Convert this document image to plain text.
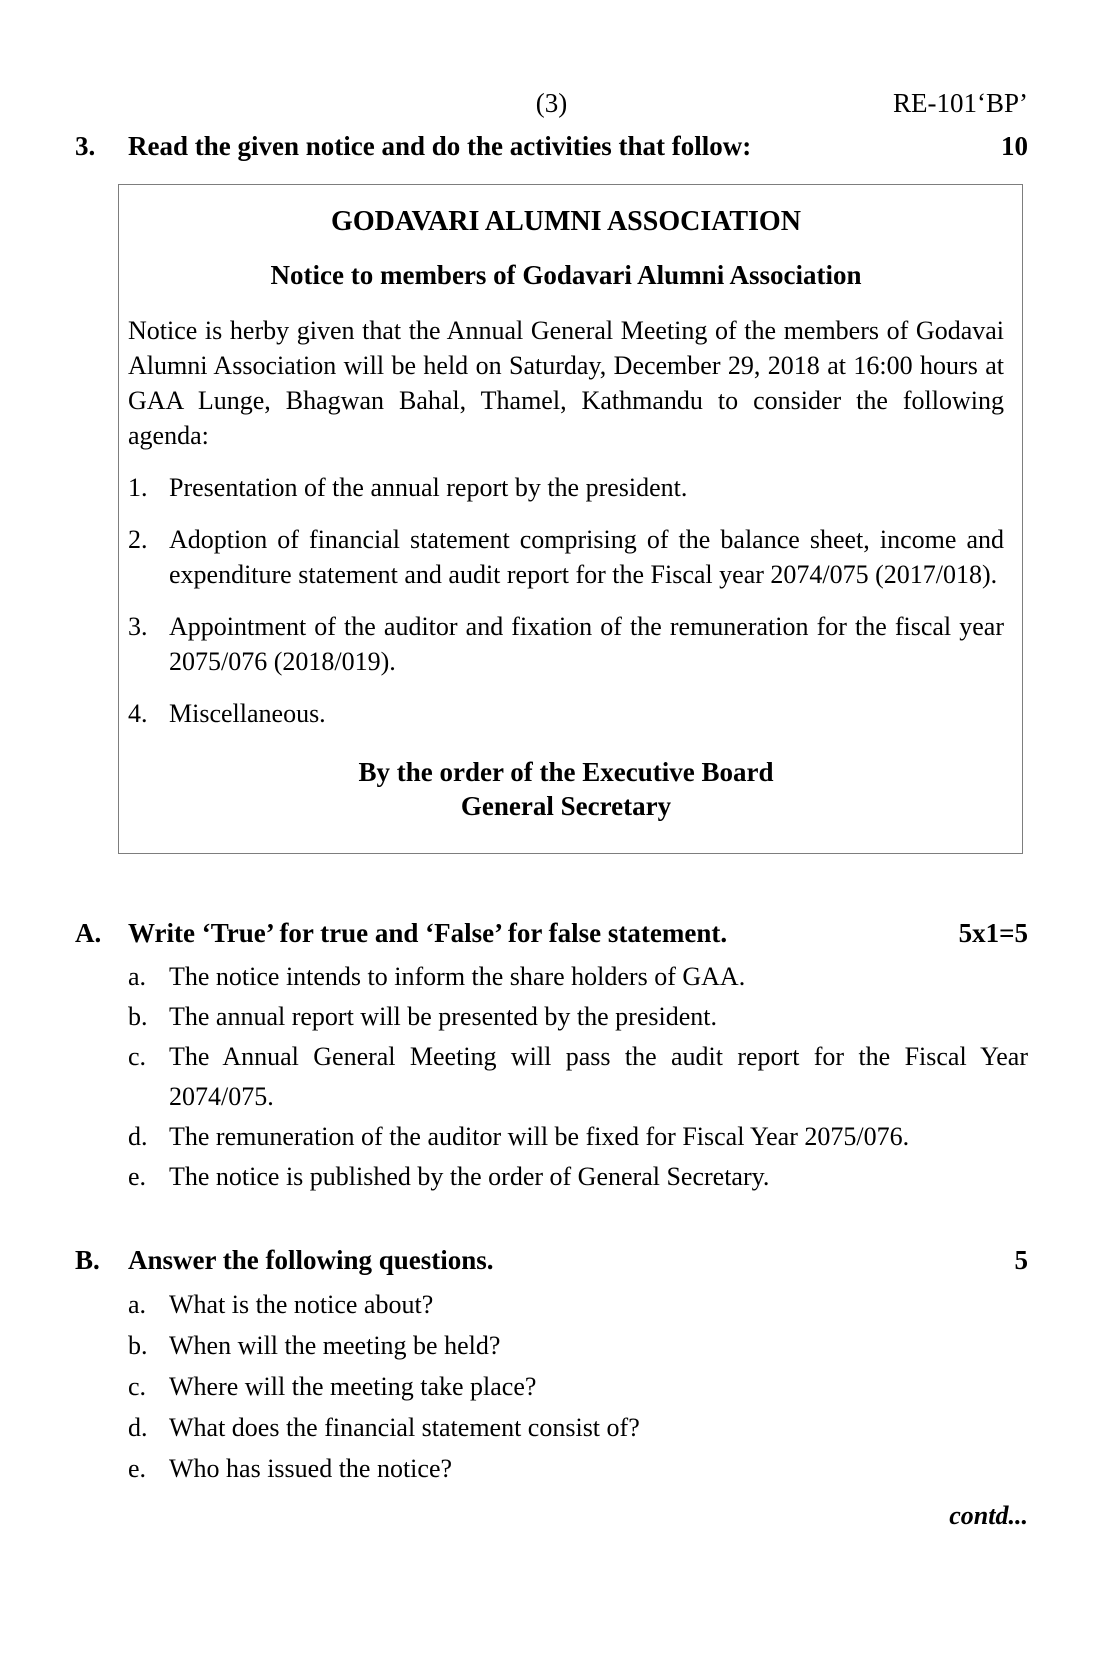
(3)	RE-101‘BP’
3.	Read the given notice and do the activities that follow:	10
GODAVARI ALUMNI ASSOCIATION
Notice to members of Godavari Alumni Association

Notice is herby given that the Annual General Meeting of the members of Godavai Alumni Association will be held on Saturday, December 29, 2018 at 16:00 hours at GAA Lunge, Bhagwan Bahal, Thamel, Kathmandu to consider the following agenda:

1. Presentation of the annual report by the president.
2. Adoption of financial statement comprising of the balance sheet, income and expenditure statement and audit report for the Fiscal year 2074/075 (2017/018).
3. Appointment of the auditor and fixation of the remuneration for the fiscal year 2075/076 (2018/019).
4. Miscellaneous.
By the order of the Executive Board
General Secretary
A. Write ‘True’ for true and ‘False’ for false statement.	5x1=5
a. The notice intends to inform the share holders of GAA.
b. The annual report will be presented by the president.
c. The Annual General Meeting will pass the audit report for the Fiscal Year 2074/075.
d. The remuneration of the auditor will be fixed for Fiscal Year 2075/076.
e. The notice is published by the order of General Secretary.
B.	Answer the following questions.	5
a. What is the notice about?
b. When will the meeting be held?
c. Where will the meeting take place?
d. What does the financial statement consist of?
e. Who has issued the notice?
contd...
